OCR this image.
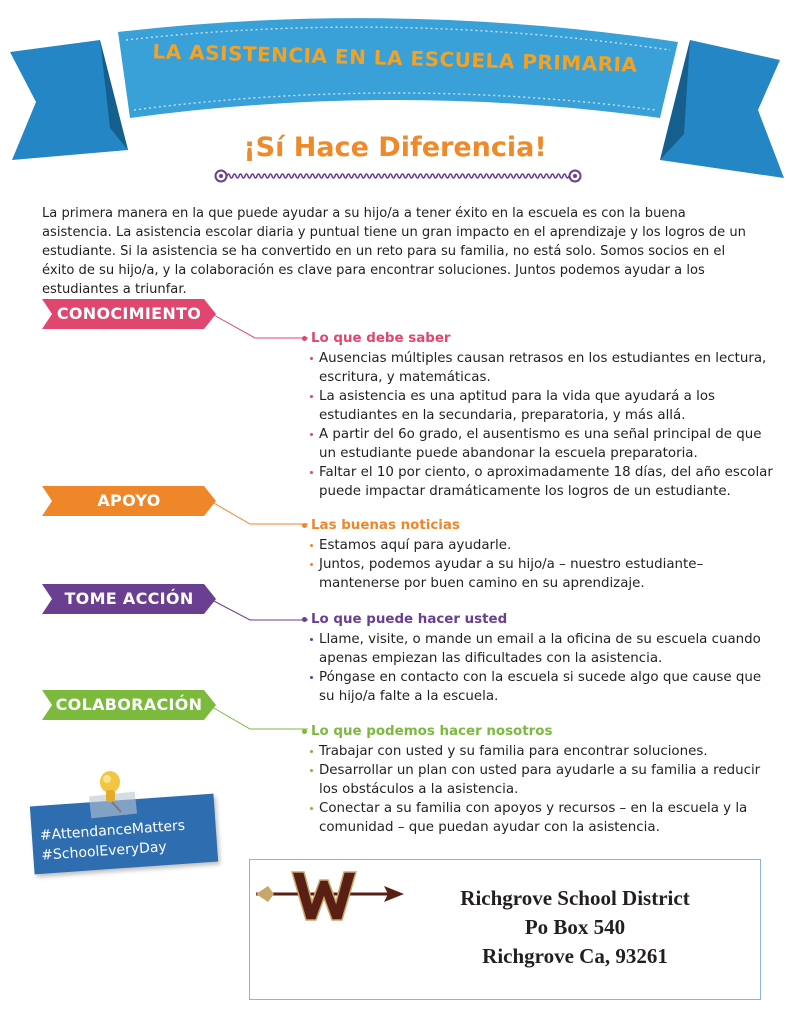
LA ASISTENCIA EN LA ESCUELA PRIMARIA
¡Sí Hace Diferencia!
La primera manera en la que puede ayudar a su hijo/a a tener éxito en la escuela es con la buena asistencia. La asistencia escolar diaria y puntual tiene un gran impacto en el aprendizaje y los logros de un estudiante. Si la asistencia se ha convertido en un reto para su familia, no está solo. Somos socios en el éxito de su hijo/a, y la colaboración es clave para encontrar soluciones. Juntos podemos ayudar a los estudiantes a triunfar.
CONOCIMIENTO
Lo que debe saber
Ausencias múltiples causan retrasos en los estudiantes en lectura, escritura, y matemáticas.
La asistencia es una aptitud para la vida que ayudará a los estudiantes en la secundaria, preparatoria, y más allá.
A partir del 6o grado, el ausentismo es una señal principal de que un estudiante puede abandonar la escuela preparatoria.
Faltar el 10 por ciento, o aproximadamente 18 días, del año escolar puede impactar dramáticamente los logros de un estudiante.
APOYO
Las buenas noticias
Estamos aquí para ayudarle.
Juntos, podemos ayudar a su hijo/a – nuestro estudiante– mantenerse por buen camino en su aprendizaje.
TOME ACCIÓN
Lo que puede hacer usted
Llame, visite, o mande un email a la oficina de su escuela cuando apenas empiezan las dificultades con la asistencia.
Póngase en contacto con la escuela si sucede algo que cause que su hijo/a falte a la escuela.
COLABORACIÓN
Lo que podemos hacer nosotros
Trabajar con usted y su familia para encontrar soluciones.
Desarrollar un plan con usted para ayudarle a su familia a reducir los obstáculos a la asistencia.
Conectar a su familia con apoyos y recursos – en la escuela y la comunidad – que puedan ayudar con la asistencia.
#AttendanceMatters
#SchoolEveryDay
Richgrove School District
Po Box 540
Richgrove Ca, 93261
